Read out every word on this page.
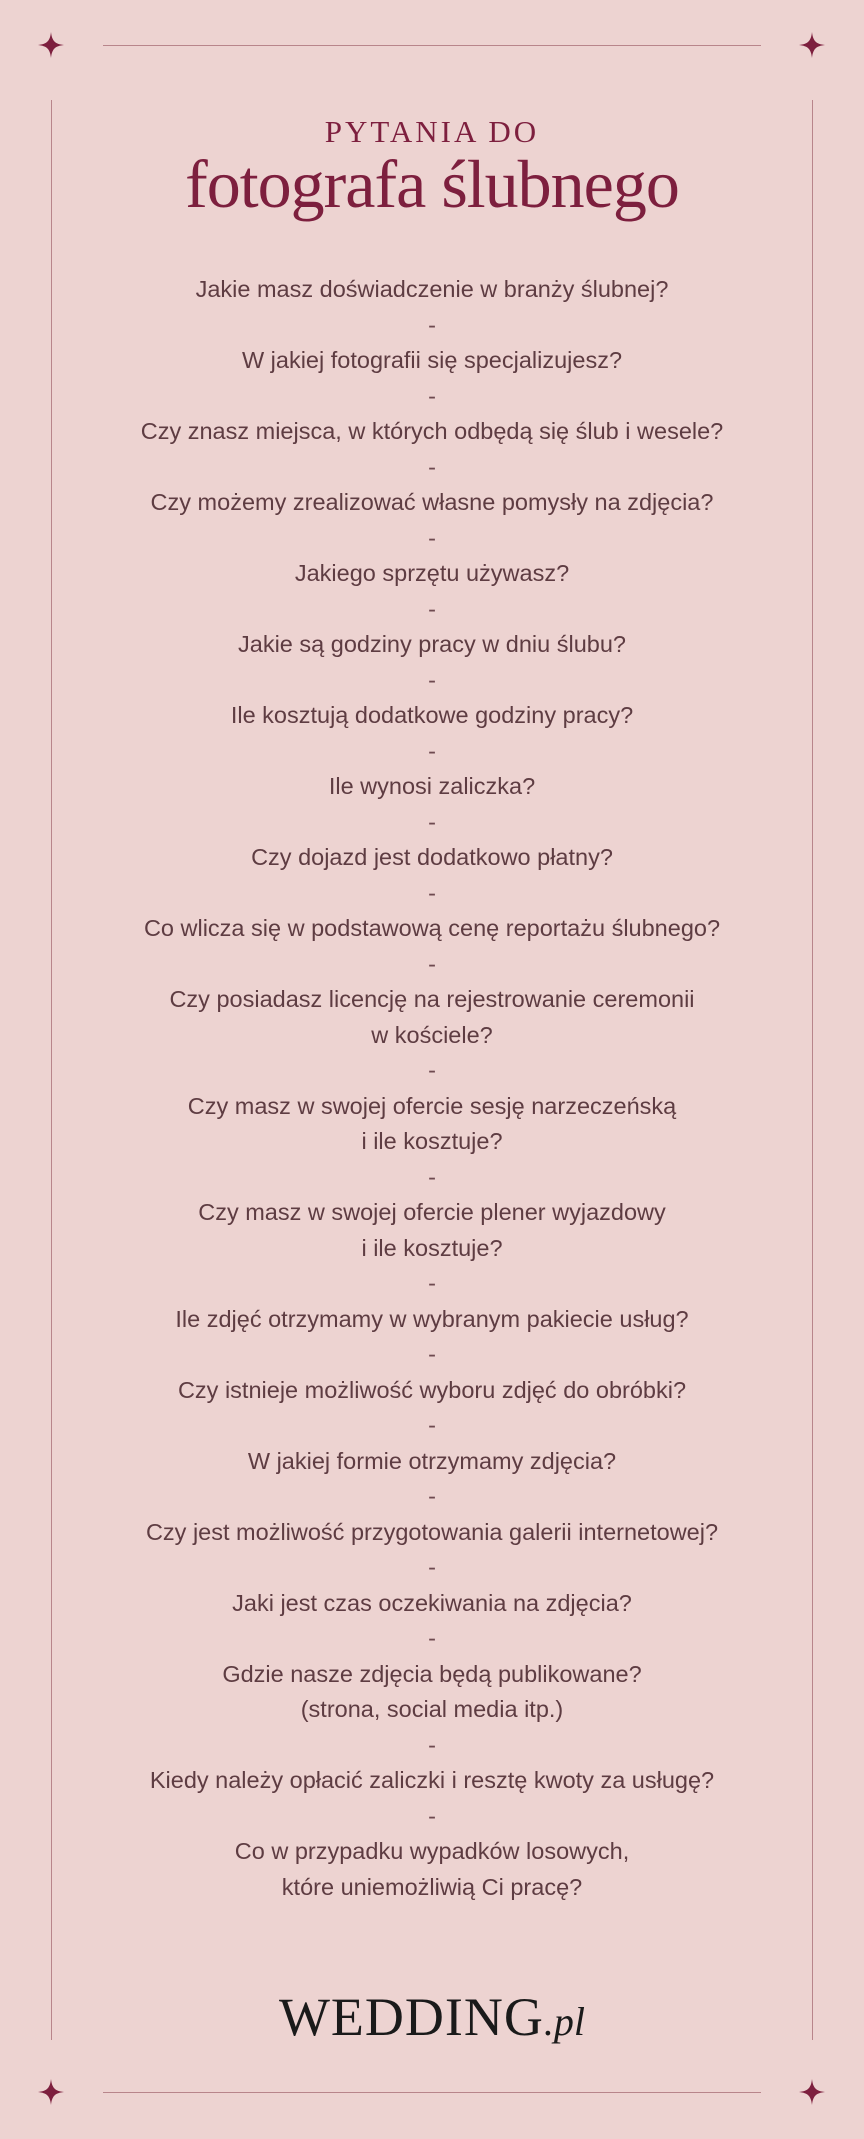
PYTANIA DO
fotografa ślubnego
Jakie masz doświadczenie w branży ślubnej?
-
W jakiej fotografii się specjalizujesz?
-
Czy znasz miejsca, w których odbędą się ślub i wesele?
-
Czy możemy zrealizować własne pomysły na zdjęcia?
-
Jakiego sprzętu używasz?
-
Jakie są godziny pracy w dniu ślubu?
-
Ile kosztują dodatkowe godziny pracy?
-
Ile wynosi zaliczka?
-
Czy dojazd jest dodatkowo płatny?
-
Co wlicza się w podstawową cenę reportażu ślubnego?
-
Czy posiadasz licencję na rejestrowanie ceremonii
w kościele?
-
Czy masz w swojej ofercie sesję narzeczeńską
i ile kosztuje?
-
Czy masz w swojej ofercie plener wyjazdowy
i ile kosztuje?
-
Ile zdjęć otrzymamy w wybranym pakiecie usług?
-
Czy istnieje możliwość wyboru zdjęć do obróbki?
-
W jakiej formie otrzymamy zdjęcia?
-
Czy jest możliwość przygotowania galerii internetowej?
-
Jaki jest czas oczekiwania na zdjęcia?
-
Gdzie nasze zdjęcia będą publikowane?
(strona, social media itp.)
-
Kiedy należy opłacić zaliczki i resztę kwoty za usługę?
-
Co w przypadku wypadków losowych,
które uniemożliwią Ci pracę?
WEDDING.pl
